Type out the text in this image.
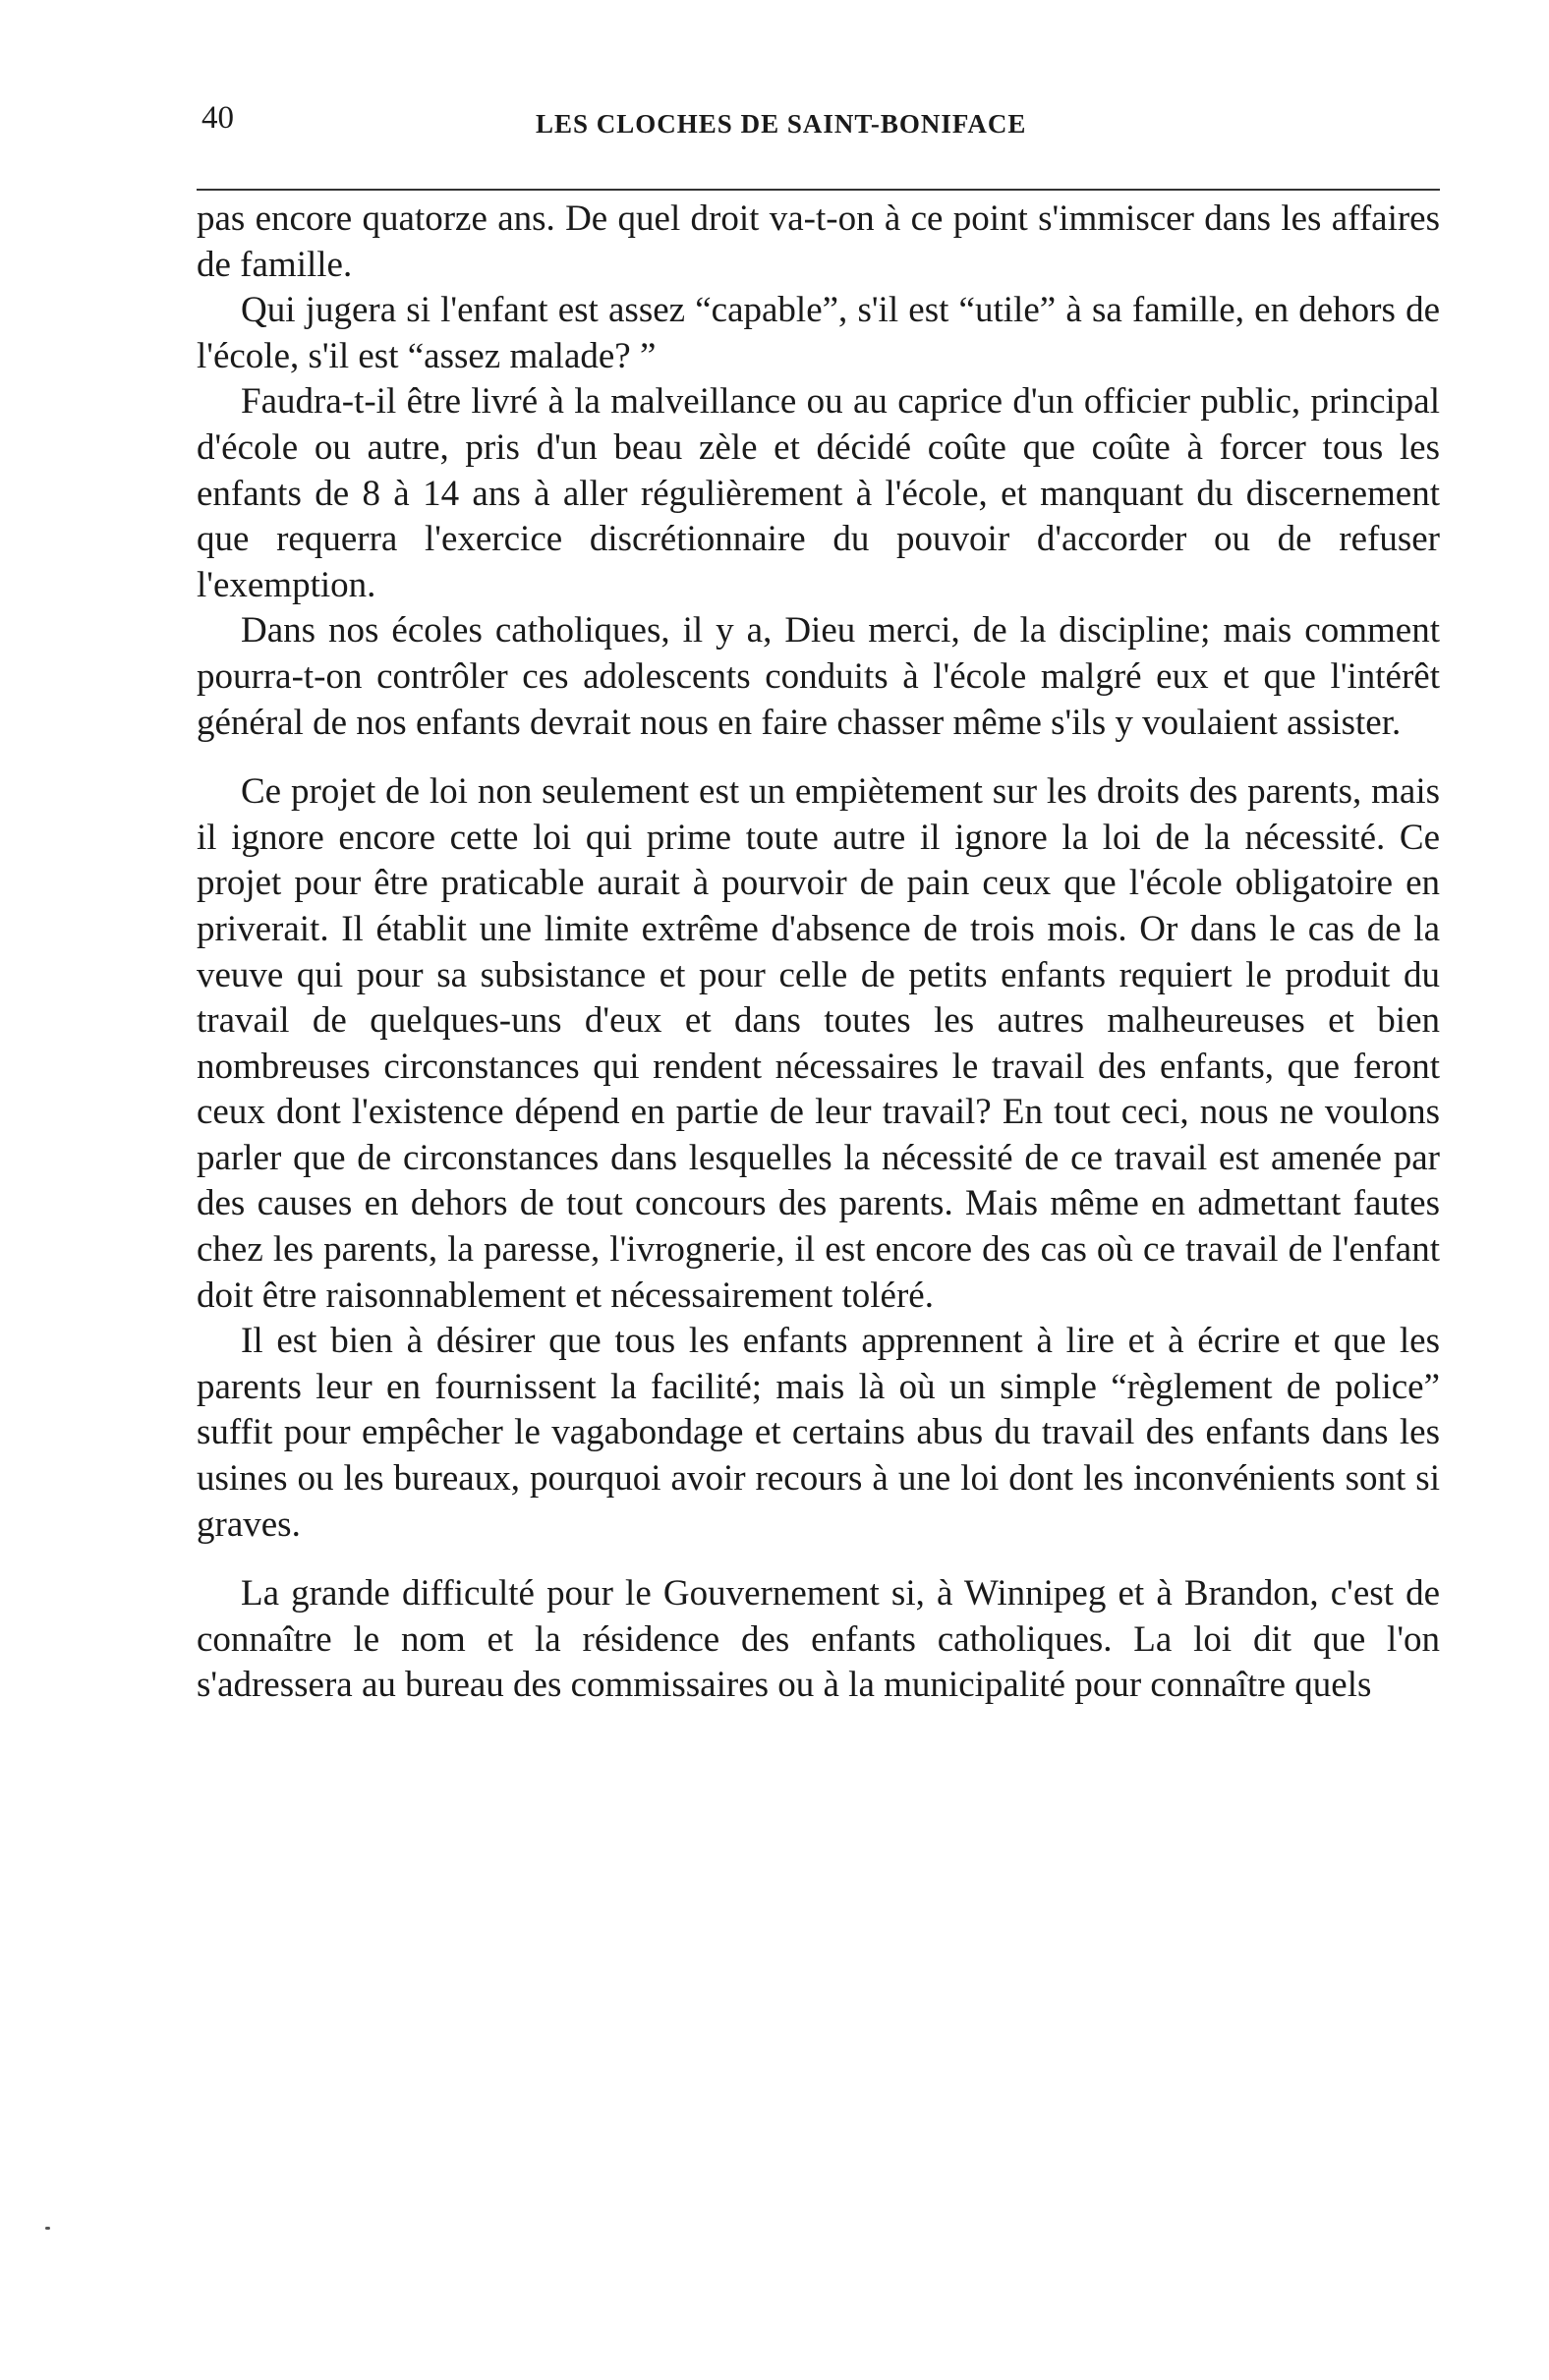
40	LES CLOCHES DE SAINT-BONIFACE

pas encore quatorze ans. De quel droit va-t-on à ce point s'immiscer dans les affaires de famille.

Qui jugera si l'enfant est assez “capable”, s'il est “utile” à sa famille, en dehors de l'école, s'il est “assez malade? ”

Faudra-t-il être livré à la malveillance ou au caprice d'un officier public, principal d'école ou autre, pris d'un beau zèle et décidé coûte que coûte à forcer tous les enfants de 8 à 14 ans à aller régulièrement à l'école, et manquant du discernement que requerra l'exercice discrétionnaire du pouvoir d'accorder ou de refuser l'exemption.

Dans nos écoles catholiques, il y a, Dieu merci, de la discipline; mais comment pourra-t-on contrôler ces adolescents conduits à l'école malgré eux et que l'intérêt général de nos enfants devrait nous en faire chasser même s'ils y voulaient assister.

Ce projet de loi non seulement est un empiètement sur les droits des parents, mais il ignore encore cette loi qui prime toute autre il ignore la loi de la nécessité. Ce projet pour être praticable aurait à pourvoir de pain ceux que l'école obligatoire en priverait. Il établit une limite extrême d'absence de trois mois. Or dans le cas de la veuve qui pour sa subsistance et pour celle de petits enfants requiert le produit du travail de quelques-uns d'eux et dans toutes les autres malheureuses et bien nombreuses circonstances qui rendent nécessaires le travail des enfants, que feront ceux dont l'existence dépend en partie de leur travail? En tout ceci, nous ne voulons parler que de circonstances dans lesquelles la nécessité de ce travail est amenée par des causes en dehors de tout concours des parents. Mais même en admettant fautes chez les parents, la paresse, l'ivrognerie, il est encore des cas où ce travail de l'enfant doit être raisonnablement et nécessairement toléré.

Il est bien à désirer que tous les enfants apprennent à lire et à écrire et que les parents leur en fournissent la facilité; mais là où un simple “règlement de police” suffit pour empêcher le vagabondage et certains abus du travail des enfants dans les usines ou les bureaux, pourquoi avoir recours à une loi dont les inconvénients sont si graves.

La grande difficulté pour le Gouvernement si, à Winnipeg et à Brandon, c'est de connaître le nom et la résidence des enfants catholiques. La loi dit que l'on s'adressera au bureau des commissaires ou à la municipalité pour connaître quels
